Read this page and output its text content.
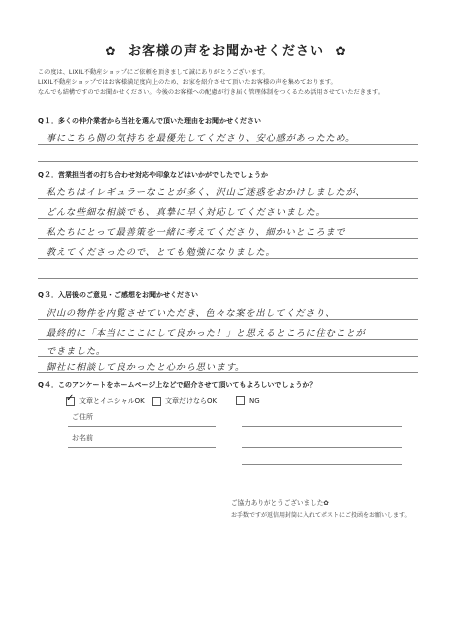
✿ お客様の声をお聞かせください ✿
この度は、LIXIL不動産ショップにご依頼を頂きまして誠にありがとうございます。
LIXIL不動産ショップではお客様満足度向上のため、お家を紹介させて頂いたお客様の声を集めております。
なんでも結構ですのでお聞かせください。今後のお客様への配慮が行き届く管理体制をつくるため活用させていただきます。
Q１．多くの仲介業者から当社を選んで頂いた理由をお聞かせください
事にこちら側の気持ちを最優先してくださり、安心感があったため。
Q２．営業担当者の打ち合わせ対応や印象などはいかがでしたでしょうか
私たちはイレギュラーなことが多く、沢山ご迷惑をおかけしましたが、
どんな些細な相談でも、真摯に早く対応してくださいました。
私たちにとって最善策を一緒に考えてくださり、細かいところまで
教えてくださったので、とても勉強になりました。
Q３．入居後のご意見・ご感想をお聞かせください
沢山の物件を内覧させていただき、色々な案を出してくださり、
最終的に「本当にここにして良かった！」と思えるところに住むことが
できました。
御社に相談して良かったと心から思います。
Q４．このアンケートをホームページ上などで紹介させて頂いてもよろしいでしょうか？
✓ 文章とイニシャルOK	文章だけならOK	NG
ご住所
お名前
ご協力ありがとうございました✿
お手数ですが返信用封筒に入れてポストにご投函をお願いします。
